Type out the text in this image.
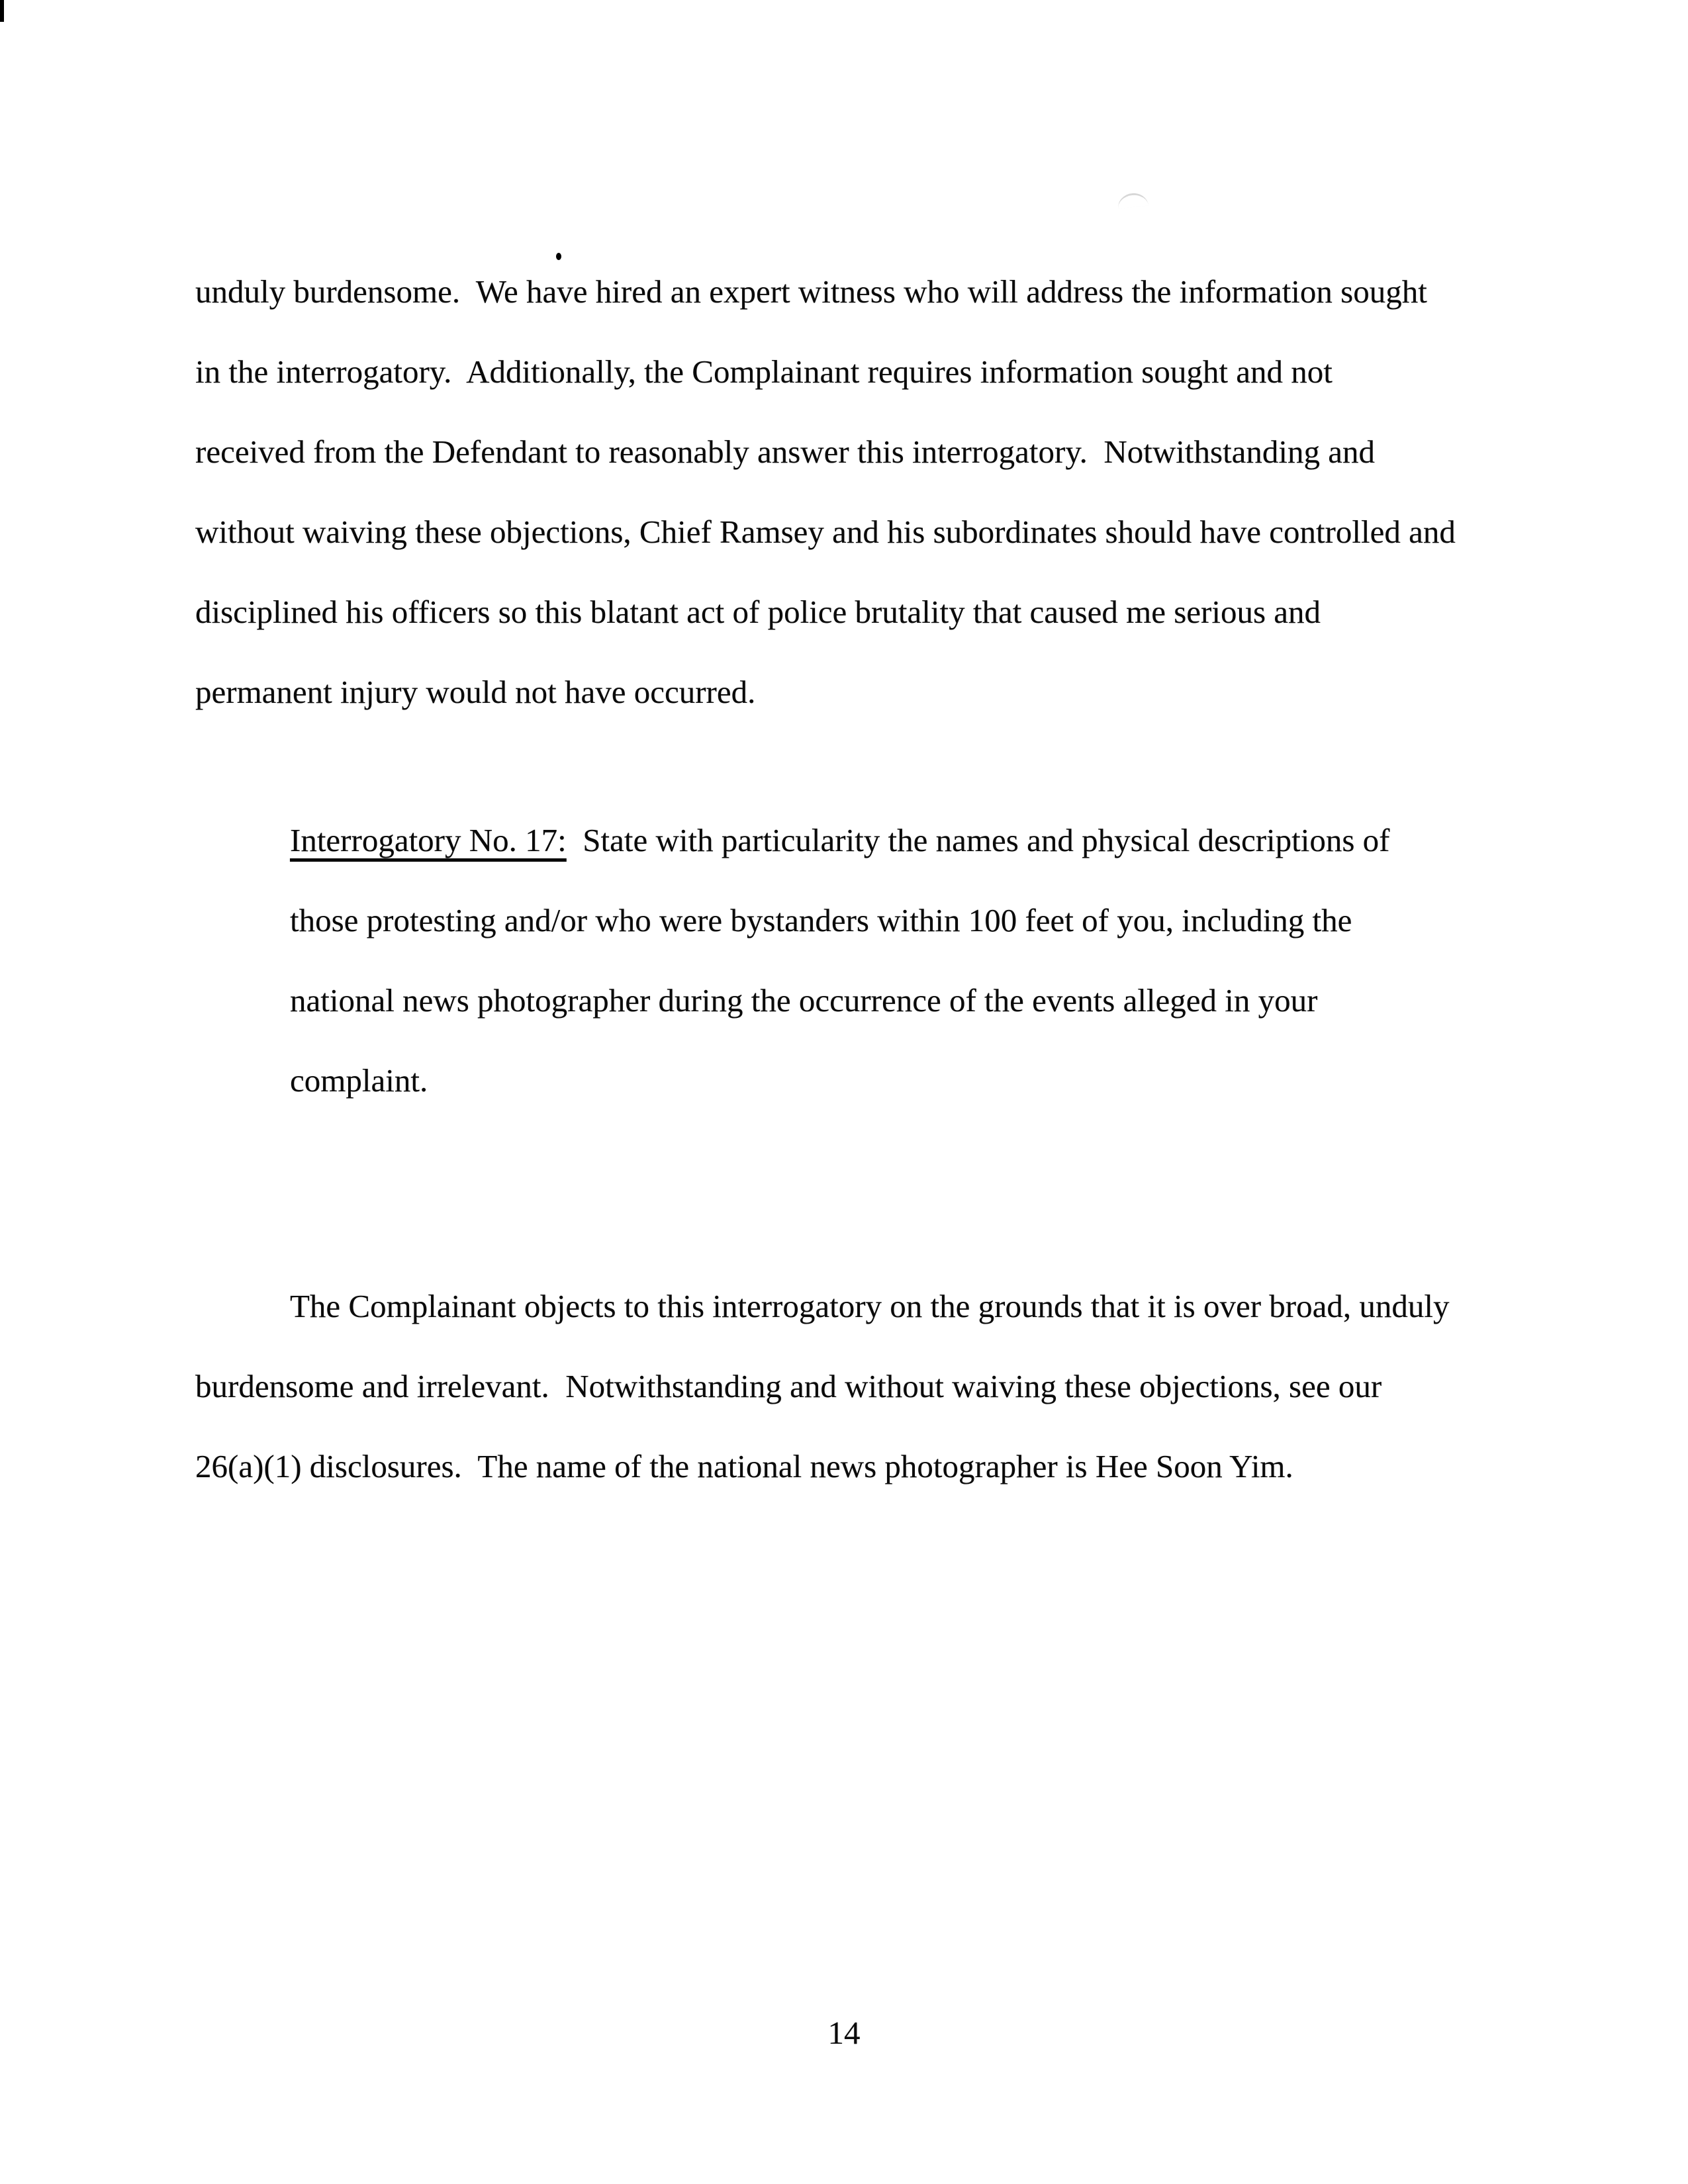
unduly burdensome.  We have hired an expert witness who will address the information sought
in the interrogatory.  Additionally, the Complainant requires information sought and not
received from the Defendant to reasonably answer this interrogatory.  Notwithstanding and
without waiving these objections, Chief Ramsey and his subordinates should have controlled and
disciplined his officers so this blatant act of police brutality that caused me serious and
permanent injury would not have occurred.
Interrogatory No. 17:  State with particularity the names and physical descriptions of
those protesting and/or who were bystanders within 100 feet of you, including the
national news photographer during the occurrence of the events alleged in your
complaint.
The Complainant objects to this interrogatory on the grounds that it is over broad, unduly
burdensome and irrelevant.  Notwithstanding and without waiving these objections, see our
26(a)(1) disclosures.  The name of the national news photographer is Hee Soon Yim.
14
